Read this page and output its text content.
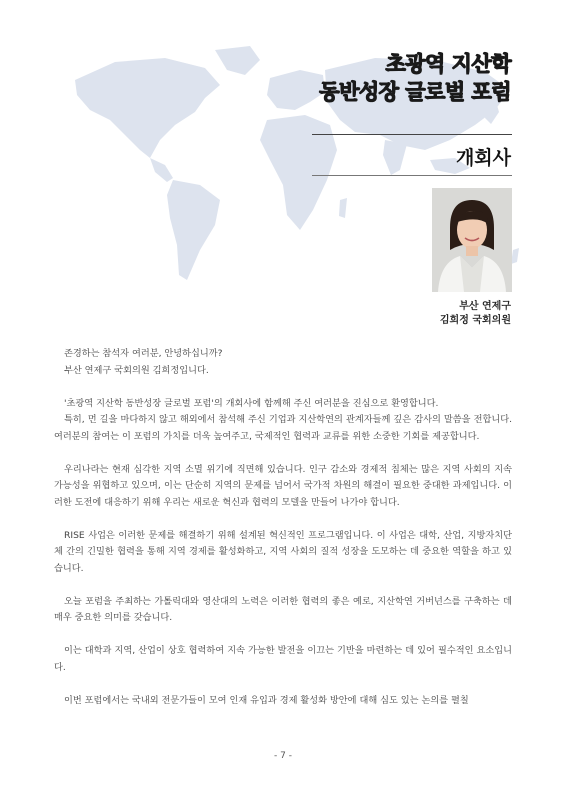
초광역 지산학
동반성장 글로벌 포럼
개회사
부산 연제구
김희정 국회의원

존경하는 참석자 여러분, 안녕하십니까?

부산 연제구 국회의원 김희정입니다.

'초광역 지산학 동반성장 글로벌 포럼'의 개회사에 함께해 주신 여러분을 진심으로 환영합니다.

특히, 먼 길을 마다하지 않고 해외에서 참석해 주신 기업과 지산학연의 관계자들께 깊은 감사의 말씀을 전합니다. 여러분의 참여는 이 포럼의 가치를 더욱 높여주고, 국제적인 협력과 교류를 위한 소중한 기회를 제공합니다.

우리나라는 현재 심각한 지역 소멸 위기에 직면해 있습니다. 인구 감소와 경제적 침체는 많은 지역 사회의 지속 가능성을 위협하고 있으며, 이는 단순히 지역의 문제를 넘어서 국가적 차원의 해결이 필요한 중대한 과제입니다. 이러한 도전에 대응하기 위해 우리는 새로운 혁신과 협력의 모델을 만들어 나가야 합니다.

RISE 사업은 이러한 문제를 해결하기 위해 설계된 혁신적인 프로그램입니다. 이 사업은 대학, 산업, 지방자치단체 간의 긴밀한 협력을 통해 지역 경제를 활성화하고, 지역 사회의 질적 성장을 도모하는 데 중요한 역할을 하고 있습니다.

오늘 포럼을 주최하는 가톨릭대와 영산대의 노력은 이러한 협력의 좋은 예로, 지산학연 거버넌스를 구축하는 데 매우 중요한 의미를 갖습니다.

이는 대학과 지역, 산업이 상호 협력하여 지속 가능한 발전을 이끄는 기반을 마련하는 데 있어 필수적인 요소입니다.

이번 포럼에서는 국내외 전문가들이 모여 인재 유입과 경제 활성화 방안에 대해 심도 있는 논의를 펼칠

- 7 -
